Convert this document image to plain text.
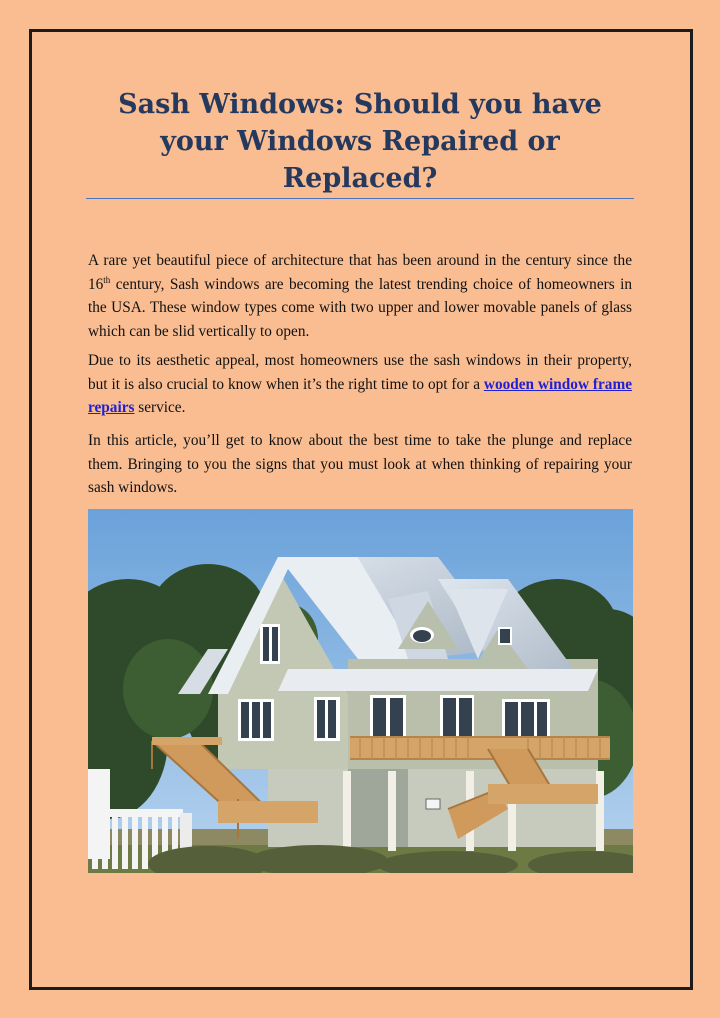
Sash Windows: Should you have your Windows Repaired or Replaced?

A rare yet beautiful piece of architecture that has been around in the century since the 16th century, Sash windows are becoming the latest trending choice of homeowners in the USA. These window types come with two upper and lower movable panels of glass which can be slid vertically to open.

Due to its aesthetic appeal, most homeowners use the sash windows in their property, but it is also crucial to know when it’s the right time to opt for a wooden window frame repairs service.

In this article, you’ll get to know about the best time to take the plunge and replace them. Bringing to you the signs that you must look at when thinking of repairing your sash windows.
